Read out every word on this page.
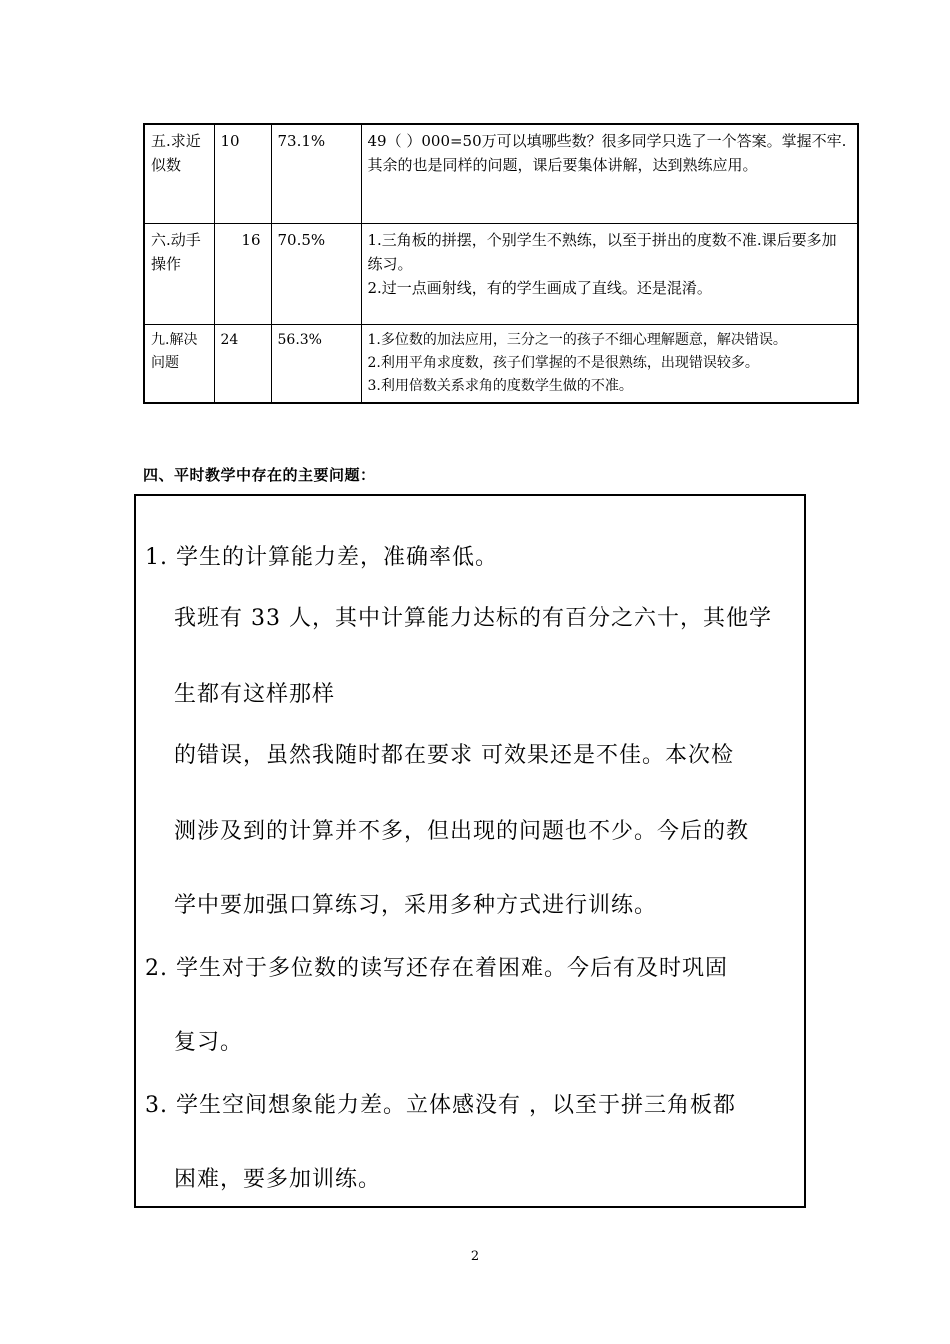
五.求近似数	10	73.1%	49（ ）000=50万可以填哪些数？很多同学只选了一个答案。掌握不牢.其余的也是同样的问题，课后要集体讲解，达到熟练应用。

六.动手操作	16	70.5%	1.三角板的拼摆，个别学生不熟练，以至于拼出的度数不准.课后要多加练习。
2.过一点画射线，有的学生画成了直线。还是混淆。

九.解决问题	24	56.3%	1.多位数的加法应用，三分之一的孩子不细心理解题意，解决错误。
2.利用平角求度数，孩子们掌握的不是很熟练，出现错误较多。
3.利用倍数关系求角的度数学生做的不准。
四、平时教学中存在的主要问题：
1. 学生的计算能力差，准确率低。
我班有 33 人，其中计算能力达标的有百分之六十，其他学
生都有这样那样
的错误，虽然我随时都在要求 可效果还是不佳。本次检
测涉及到的计算并不多，但出现的问题也不少。今后的教
学中要加强口算练习，采用多种方式进行训练。
2. 学生对于多位数的读写还存在着困难。今后有及时巩固
复习。
3. 学生空间想象能力差。立体感没有 ，以至于拼三角板都
困难，要多加训练。
2
